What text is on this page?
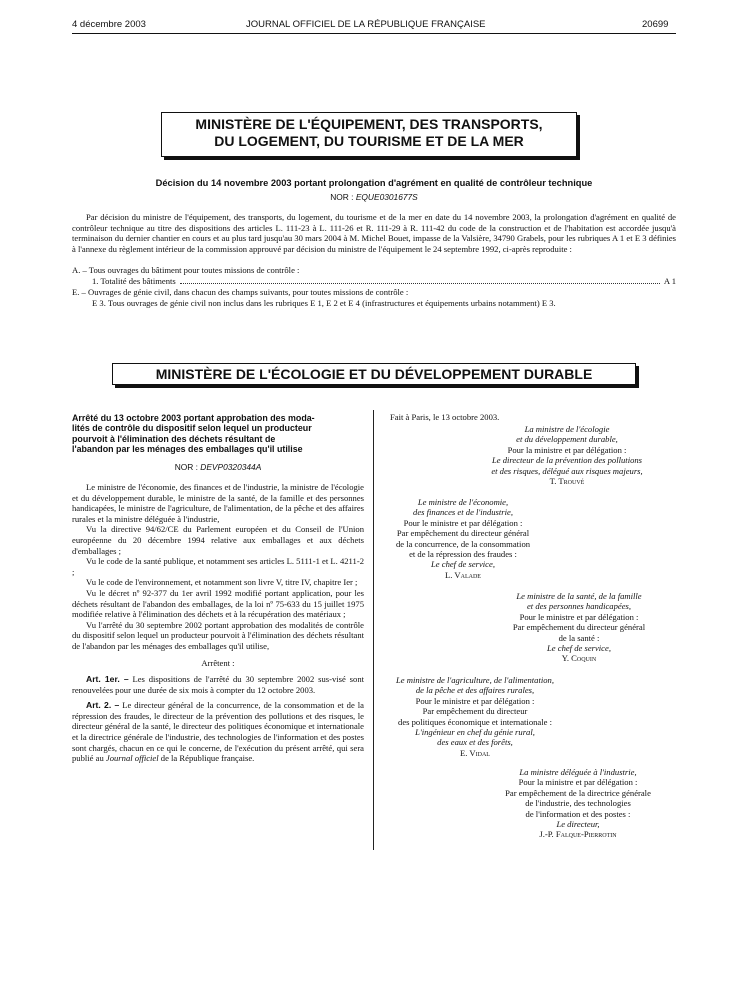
4 décembre 2003	JOURNAL OFFICIEL DE LA RÉPUBLIQUE FRANÇAISE	20699
MINISTÈRE DE L'ÉQUIPEMENT, DES TRANSPORTS,
DU LOGEMENT, DU TOURISME ET DE LA MER
Décision du 14 novembre 2003 portant prolongation d'agrément en qualité de contrôleur technique
NOR : EQUE0301677S
Par décision du ministre de l'équipement, des transports, du logement, du tourisme et de la mer en date du 14 novembre 2003, la prolongation d'agrément en qualité de contrôleur technique au titre des dispositions des articles L. 111-23 à L. 111-26 et R. 111-29 à R. 111-42 du code de la construction et de l'habitation est accordée jusqu'à terminaison du dernier chantier en cours et au plus tard jusqu'au 30 mars 2004 à M. Michel Bouet, impasse de la Valsière, 34790 Grabels, pour les rubriques A 1 et E 3 définies à l'annexe du règlement intérieur de la commission approuvé par décision du ministre de l'équipement le 24 septembre 1992, ci-après reproduite :
A. – Tous ouvrages du bâtiment pour toutes missions de contrôle :
1. Totalité des bâtiments	A 1
E. – Ouvrages de génie civil, dans chacun des champs suivants, pour toutes missions de contrôle :
E 3. Tous ouvrages de génie civil non inclus dans les rubriques E 1, E 2 et E 4 (infrastructures et équipements urbains notamment) E 3.
MINISTÈRE DE L'ÉCOLOGIE ET DU DÉVELOPPEMENT DURABLE
Arrêté du 13 octobre 2003 portant approbation des moda-
lités de contrôle du dispositif selon lequel un producteur
pourvoit à l'élimination des déchets résultant de
l'abandon par les ménages des emballages qu'il utilise
NOR : DEVP0320344A
Le ministre de l'économie, des finances et de l'industrie, la ministre de l'écologie et du développement durable, le ministre de la santé, de la famille et des personnes handicapées, le ministre de l'agriculture, de l'alimentation, de la pêche et des affaires rurales et la ministre déléguée à l'industrie,
Vu la directive 94/62/CE du Parlement européen et du Conseil de l'Union européenne du 20 décembre 1994 relative aux emballages et aux déchets d'emballages ;
Vu le code de la santé publique, et notamment ses articles L. 5111-1 et L. 4211-2 ;
Vu le code de l'environnement, et notamment son livre V, titre IV, chapitre Ier ;
Vu le décret nº 92-377 du 1er avril 1992 modifié portant application, pour les déchets résultant de l'abandon des emballages, de la loi nº 75-633 du 15 juillet 1975 modifiée relative à l'élimination des déchets et à la récupération des matériaux ;
Vu l'arrêté du 30 septembre 2002 portant approbation des modalités de contrôle du dispositif selon lequel un producteur pourvoit à l'élimination des déchets résultant de l'abandon par les ménages des emballages qu'il utilise,
Arrêtent :
Art. 1er. – Les dispositions de l'arrêté du 30 septembre 2002 sus-visé sont renouvelées pour une durée de six mois à compter du 12 octobre 2003.
Art. 2. – Le directeur général de la concurrence, de la consommation et de la répression des fraudes, le directeur de la prévention des pollutions et des risques, le directeur général de la santé, le directeur des politiques économique et internationale et la directrice générale de l'industrie, des technologies de l'information et des postes sont chargés, chacun en ce qui le concerne, de l'exécution du présent arrêté, qui sera publié au Journal officiel de la République française.
Fait à Paris, le 13 octobre 2003.
La ministre de l'écologie
et du développement durable,
Pour la ministre et par délégation :
Le directeur de la prévention des pollutions
et des risques, délégué aux risques majeurs,
T. Trouvé
Le ministre de l'économie,
des finances et de l'industrie,
Pour le ministre et par délégation :
Par empêchement du directeur général
de la concurrence, de la consommation
et de la répression des fraudes :
Le chef de service,
L. Valade
Le ministre de la santé, de la famille
et des personnes handicapées,
Pour le ministre et par délégation :
Par empêchement du directeur général
de la santé :
Le chef de service,
Y. Coquin
Le ministre de l'agriculture, de l'alimentation,
de la pêche et des affaires rurales,
Pour le ministre et par délégation :
Par empêchement du directeur
des politiques économique et internationale :
L'ingénieur en chef du génie rural,
des eaux et des forêts,
E. Vidal
La ministre déléguée à l'industrie,
Pour la ministre et par délégation :
Par empêchement de la directrice générale
de l'industrie, des technologies
de l'information et des postes :
Le directeur,
J.-P. Falque-Pierrotin
